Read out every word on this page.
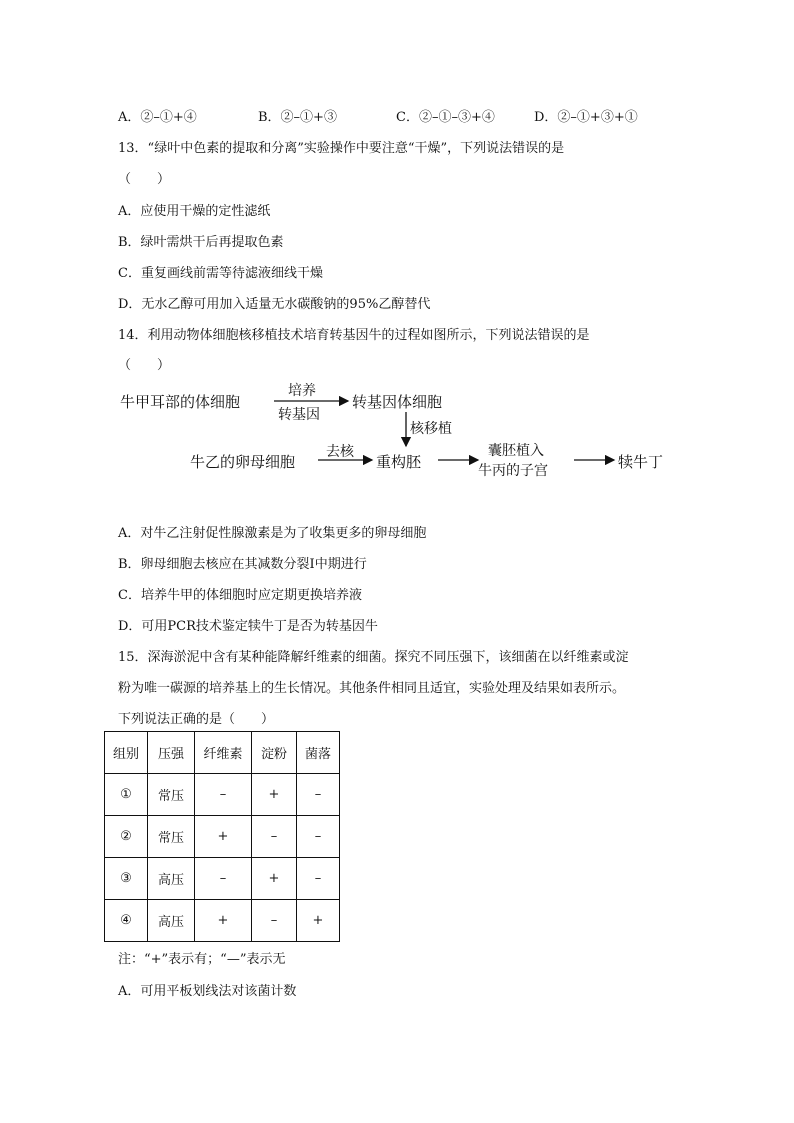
A．②–①+④	B．②–①+③	C．②–①–③+④	D．②–①+③+①
13．“绿叶中色素的提取和分离”实验操作中要注意“干燥”，下列说法错误的是
（　　）
A．应使用干燥的定性滤纸
B．绿叶需烘干后再提取色素
C．重复画线前需等待滤液细线干燥
D．无水乙醇可用加入适量无水碳酸钠的95%乙醇替代
14．利用动物体细胞核移植技术培育转基因牛的过程如图所示，下列说法错误的是
（　　）
牛甲耳部的体细胞
培养
转基因
转基因体细胞
核移植
牛乙的卵母细胞
去核
重构胚
囊胚植入
牛丙的子宫	犊牛丁
A．对牛乙注射促性腺激素是为了收集更多的卵母细胞
B．卵母细胞去核应在其减数分裂Ⅰ中期进行
C．培养牛甲的体细胞时应定期更换培养液
D．可用PCR技术鉴定犊牛丁是否为转基因牛
15．深海淤泥中含有某种能降解纤维素的细菌。探究不同压强下，该细菌在以纤维素或淀
粉为唯一碳源的培养基上的生长情况。其他条件相同且适宜，实验处理及结果如表所示。
下列说法正确的是（　　）
组别	压强	纤维素	淀粉	菌落
①	常压	–	+	–
②	常压	+	–	–
③	高压	–	+	–
④	高压	+	–	+
注：“+”表示有；“—”表示无
A．可用平板划线法对该菌计数
